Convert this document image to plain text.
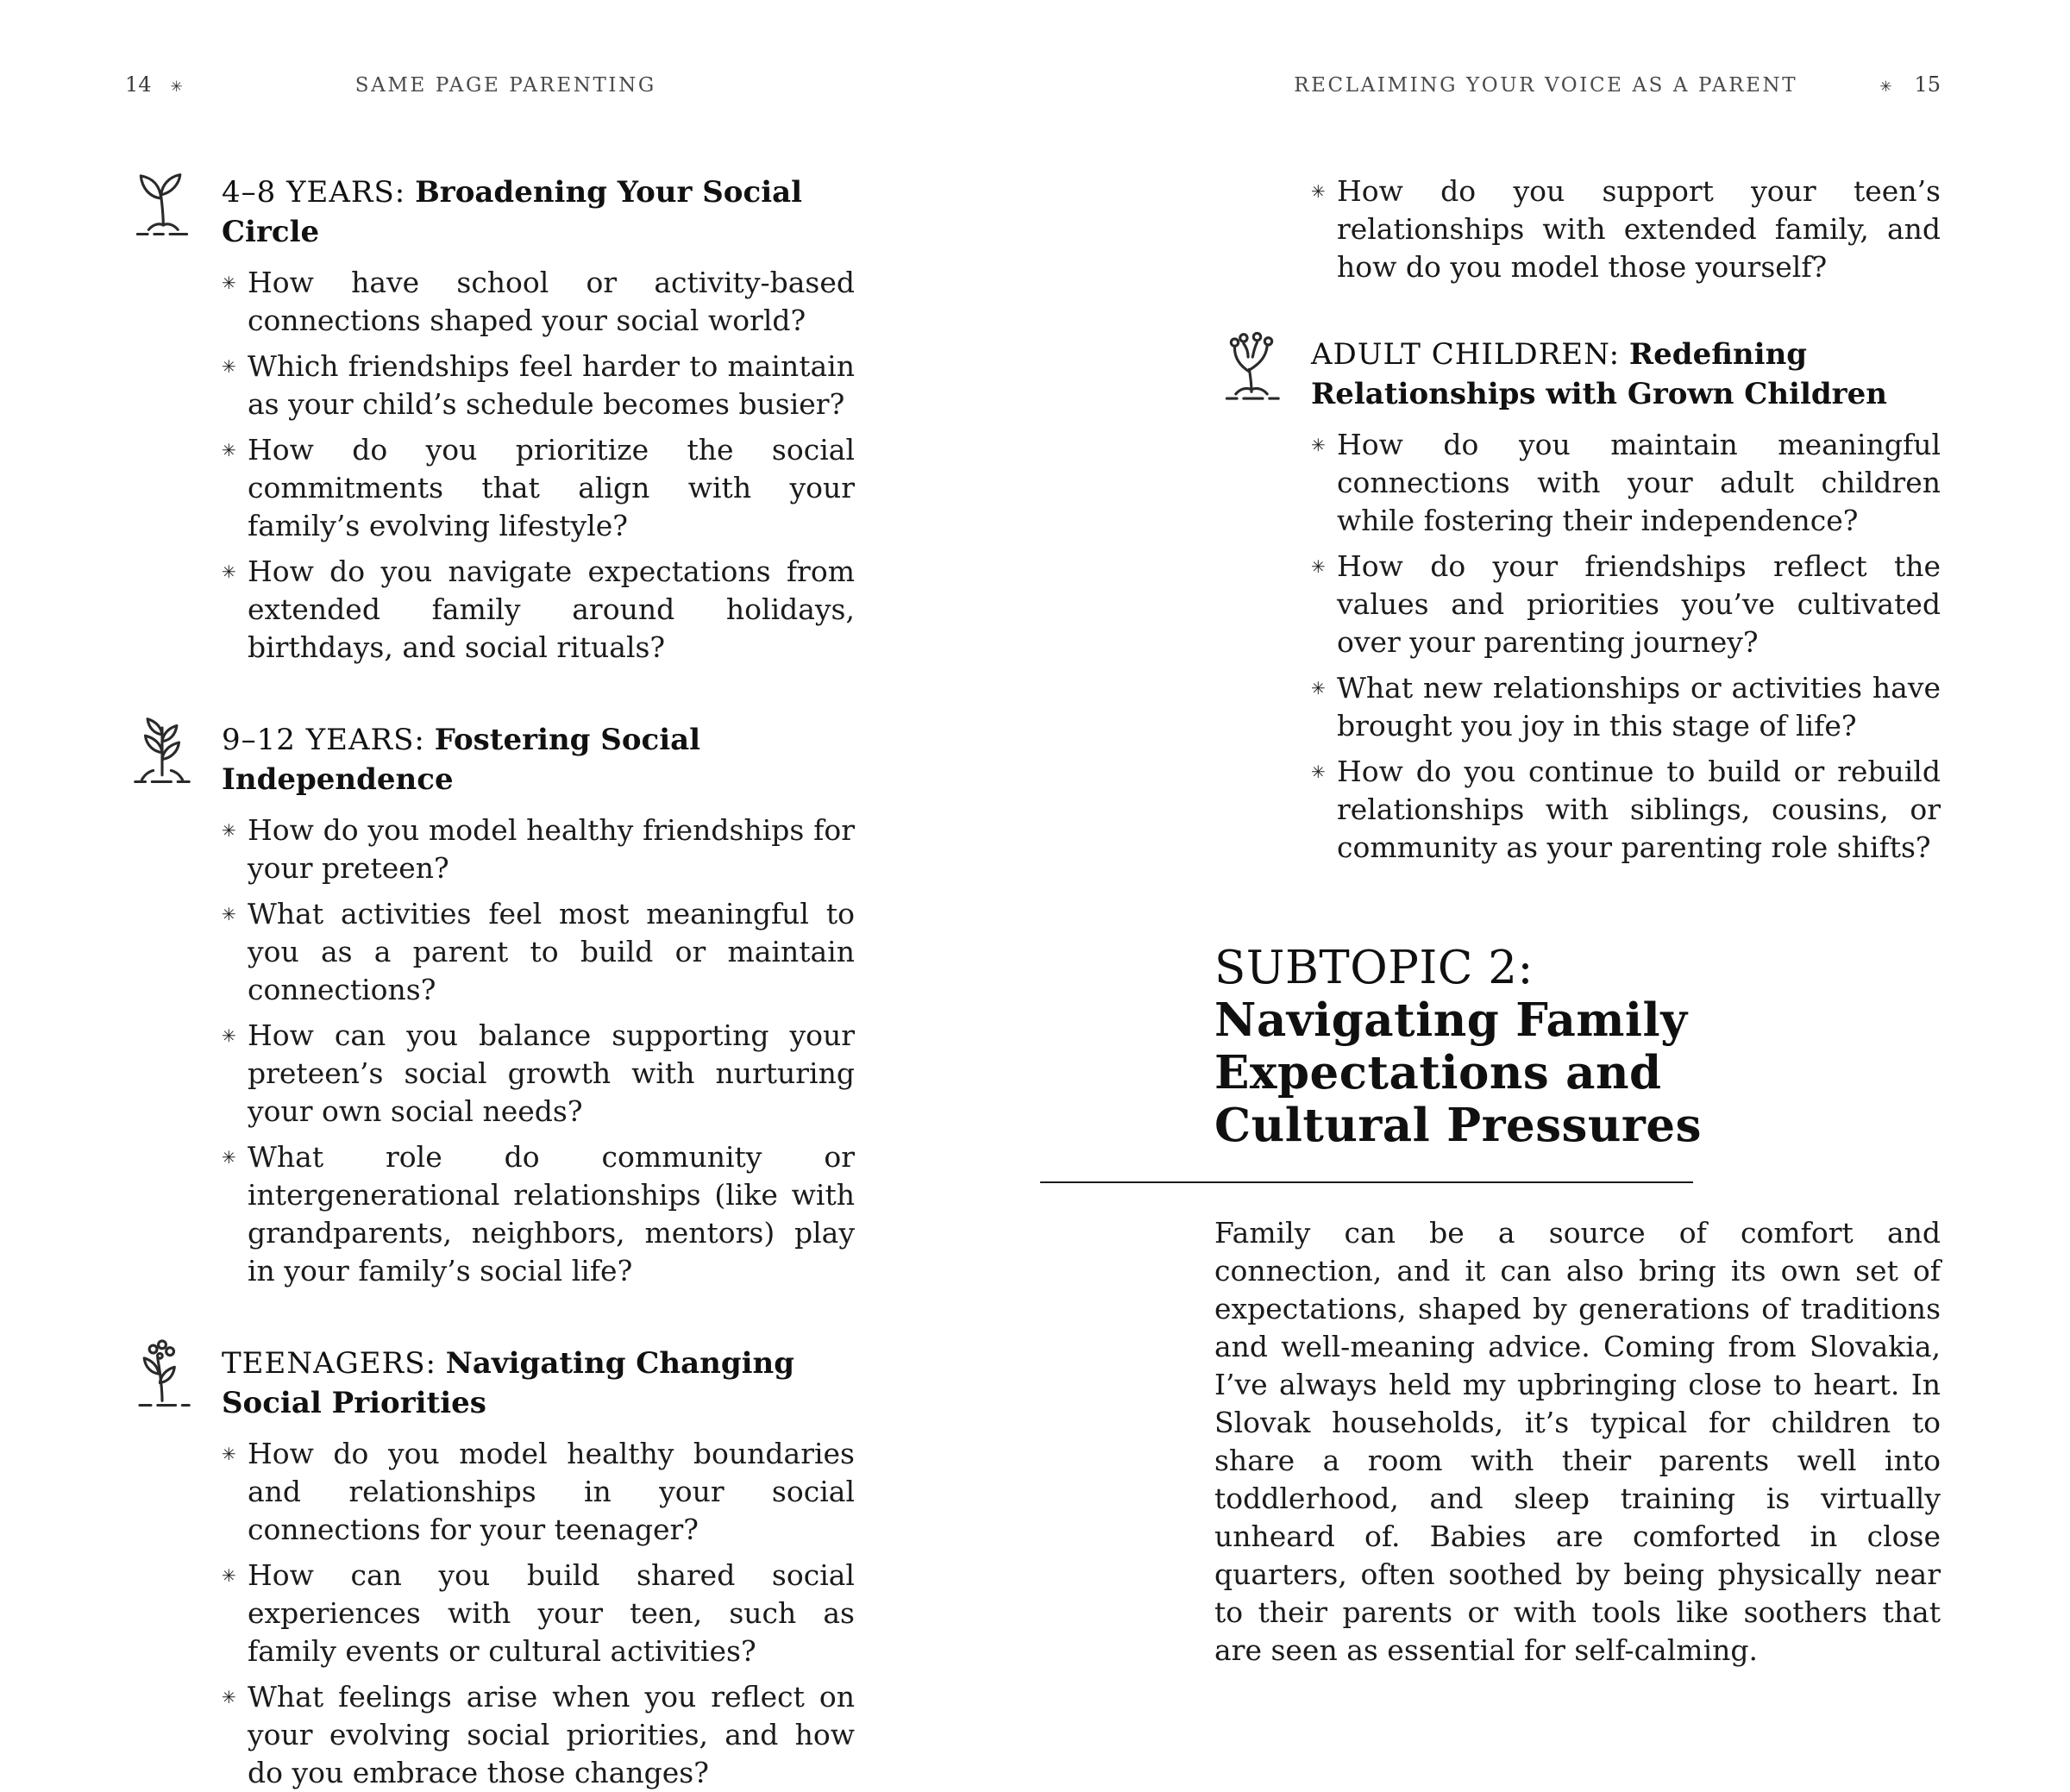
14 ✳	SAME PAGE PARENTING
4–8 YEARS: Broadening Your Social Circle
✳ How have school or activity-based connections shaped your social world?
✳ Which friendships feel harder to maintain as your child’s schedule becomes busier?
✳ How do you prioritize the social commitments that align with your family’s evolving lifestyle?
✳ How do you navigate expectations from extended family around holidays, birthdays, and social rituals?
9–12 YEARS: Fostering Social Independence
✳ How do you model healthy friendships for your preteen?
✳ What activities feel most meaningful to you as a parent to build or maintain connections?
✳ How can you balance supporting your preteen’s social growth with nurturing your own social needs?
✳ What role do community or intergenerational relationships (like with grandparents, neighbors, mentors) play in your family’s social life?
TEENAGERS: Navigating Changing Social Priorities
✳ How do you model healthy boundaries and relationships in your social connections for your teenager?
✳ How can you build shared social experiences with your teen, such as family events or cultural activities?
✳ What feelings arise when you reflect on your evolving social priorities, and how do you embrace those changes?
RECLAIMING YOUR VOICE AS A PARENT	✳ 15
✳ How do you support your teen’s relationships with extended family, and how do you model those yourself?
ADULT CHILDREN: Redefining Relationships with Grown Children
✳ How do you maintain meaningful connections with your adult children while fostering their independence?
✳ How do your friendships reflect the values and priorities you’ve cultivated over your parenting journey?
✳ What new relationships or activities have brought you joy in this stage of life?
✳ How do you continue to build or rebuild relationships with siblings, cousins, or community as your parenting role shifts?
SUBTOPIC 2: Navigating Family Expectations and Cultural Pressures

Family can be a source of comfort and connection, and it can also bring its own set of expectations, shaped by generations of traditions and well-meaning advice. Coming from Slovakia, I’ve always held my upbringing close to heart. In Slovak households, it’s typical for children to share a room with their parents well into toddlerhood, and sleep training is virtually unheard of. Babies are comforted in close quarters, often soothed by being physically near to their parents or with tools like soothers that are seen as essential for self-calming.
